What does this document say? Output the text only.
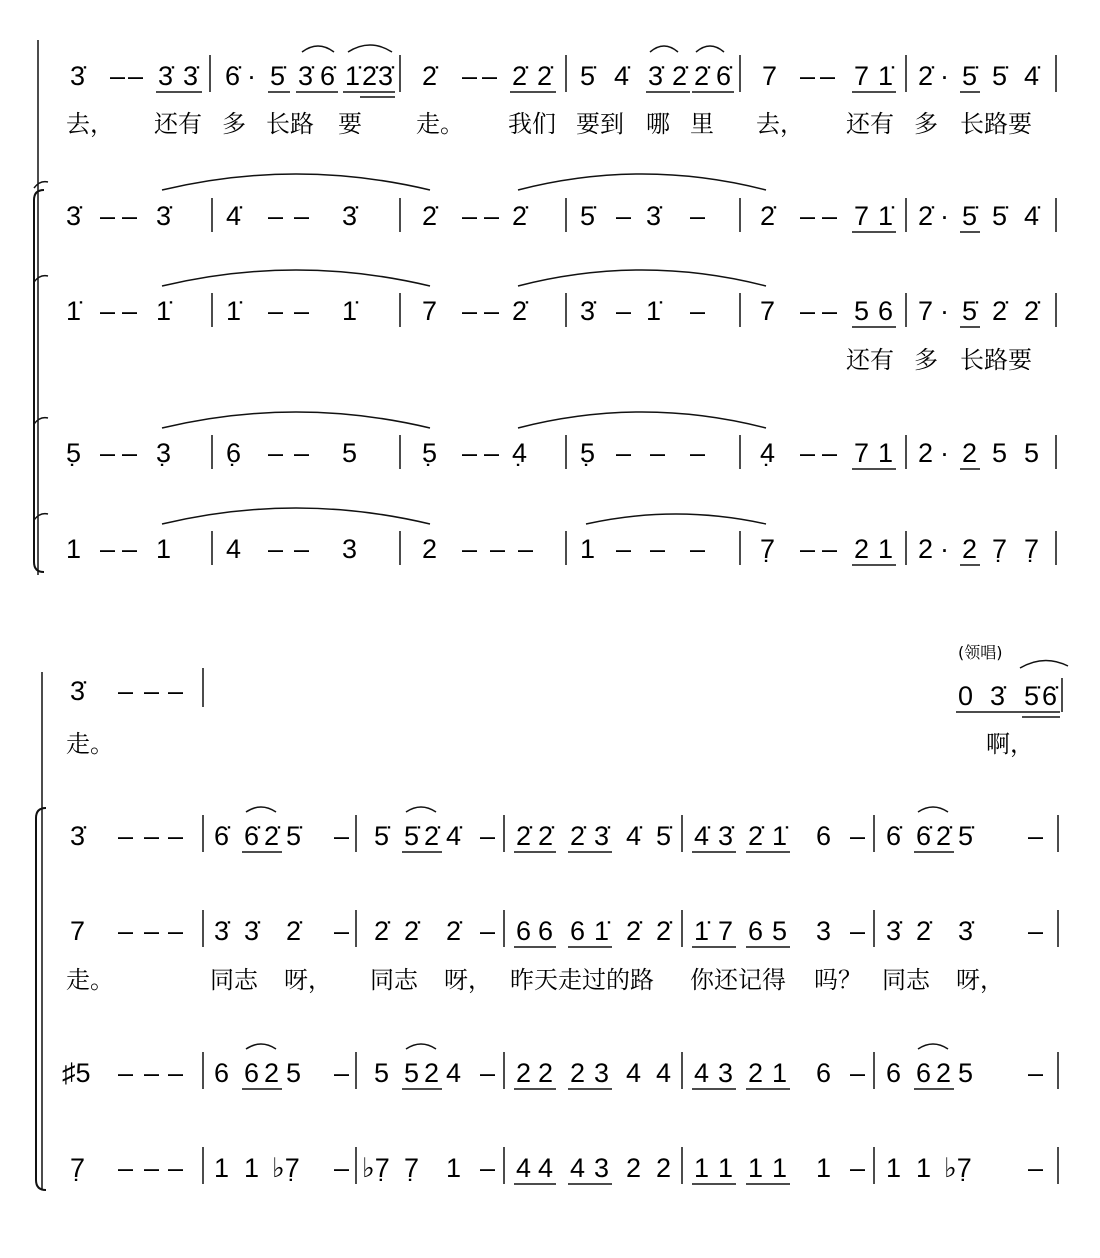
3̇ – – 3̇ 3̇ 6̇ · 5̇ 3̇ 6̇ 1̇ 2̇ 3̇ 2̇ – – 2̇ 2̇ 5̇ 4̇ 3̇ 2̇ 2̇ 6̇ 7 – – 7 1̇ 2̇ · 5̇ 5̇ 4̇
去， 还有 多 长路 要 走。 我们 要到 哪 里 去， 还有 多 长路要
3̇ – – 3̇ 4̇ – – 3̇ 2̇ – – 2̇ 5̇ – 3̇ – 2̇ – – 7 1̇ 2̇ · 5̇ 5̇ 4̇
1̇ – – 1̇ 1̇ – – 1̇ 7 – – 2̇ 3̇ – 1̇ – 7 – – 5 6 7 · 5̇ 2̇ 2̇
还有 多 长路要
5̣ – – 3̣ 6̣ – – 5 5̣ – – 4̣ 5̣ – – – 4̣ – – 7 1 2 · 2 5 5
1 – – 1 4 – – 3 2 – – – 1 – – – 7̣ – – 2 1 2 · 2 7̣ 7̣
3̇ – – –
(领唱)
0 3̇ 5̇ 6̇
走。	啊，
3̇ – – – 6̇ 6̇ 2̇ 5̇ – 5̇ 5̇ 2̇ 4̇ – 2̇ 2̇ 2̇ 3̇ 4̇ 5̇ 4̇ 3̇ 2̇ 1̇ 6 – 6̇ 6̇ 2̇ 5̇ –
7 – – – 3̇ 3̇ 2̇ – 2̇ 2̇ 2̇ – 6 6 6 1̇ 2̇ 2̇ 1̇ 7 6 5 3 – 3̇ 2̇ 3̇ –
走。	同志 呀， 同志 呀， 昨天走过的路 你还记得 吗？ 同志 呀，
♯5 – – – 6 6 2 5 – 5 5 2 4 – 2 2 2 3 4 4 4 3 2 1 6 – 6 6 2 5 –
7̣ – – – 1 1 ♭7̣ – ♭7̣ 7̣ 1 – 4 4 4 3 2 2 1 1 1 1 1 – 1 1 ♭7̣ –
